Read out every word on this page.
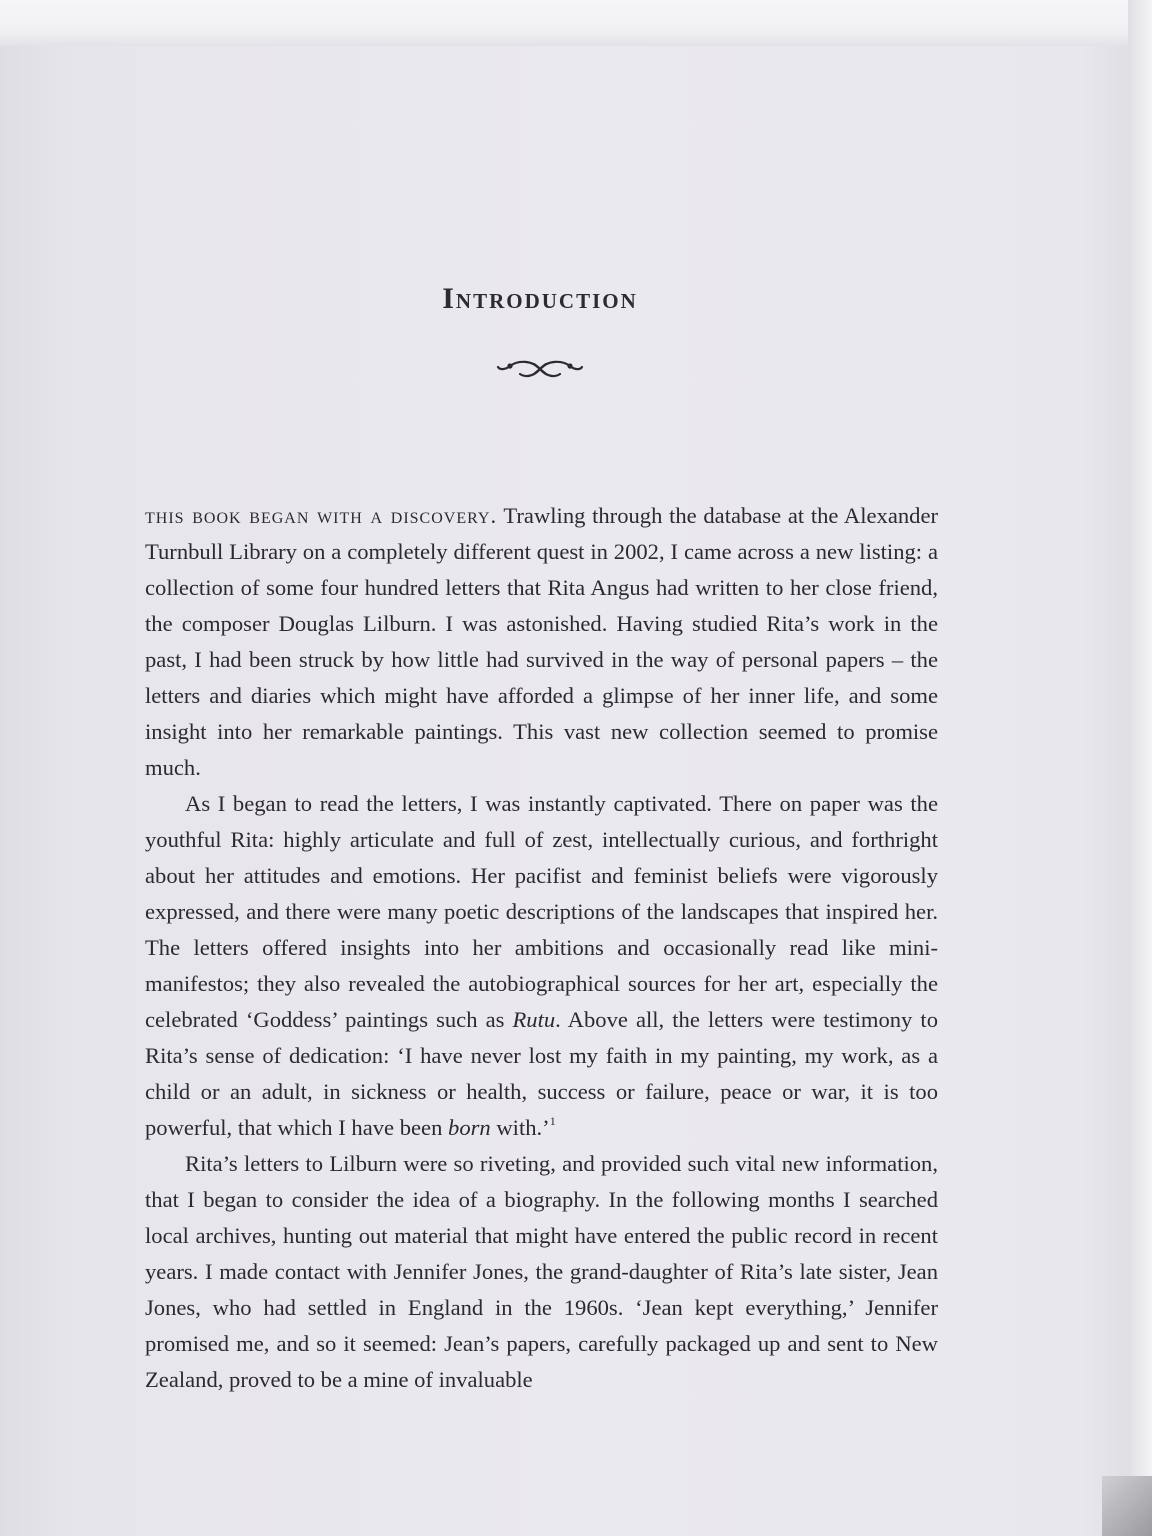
Introduction

this book began with a discovery. Trawling through the database at the Alexander Turnbull Library on a completely different quest in 2002, I came across a new listing: a collection of some four hundred letters that Rita Angus had written to her close friend, the composer Douglas Lilburn. I was astonished. Having studied Rita’s work in the past, I had been struck by how little had survived in the way of personal papers – the letters and diaries which might have afforded a glimpse of her inner life, and some insight into her remarkable paintings. This vast new collection seemed to promise much.

As I began to read the letters, I was instantly captivated. There on paper was the youthful Rita: highly articulate and full of zest, intellectually curious, and forthright about her attitudes and emotions. Her pacifist and feminist beliefs were vigorously expressed, and there were many poetic descriptions of the landscapes that inspired her. The letters offered insights into her ambitions and occasionally read like mini-manifestos; they also revealed the autobiographical sources for her art, especially the celebrated ‘Goddess’ paintings such as Rutu. Above all, the letters were testimony to Rita’s sense of dedication: ‘I have never lost my faith in my painting, my work, as a child or an adult, in sickness or health, success or failure, peace or war, it is too powerful, that which I have been born with.’$^1$

Rita’s letters to Lilburn were so riveting, and provided such vital new information, that I began to consider the idea of a biography. In the following months I searched local archives, hunting out material that might have entered the public record in recent years. I made contact with Jennifer Jones, the grand-daughter of Rita’s late sister, Jean Jones, who had settled in England in the 1960s. ‘Jean kept everything,’ Jennifer promised me, and so it seemed: Jean’s papers, carefully packaged up and sent to New Zealand, proved to be a mine of invaluable
